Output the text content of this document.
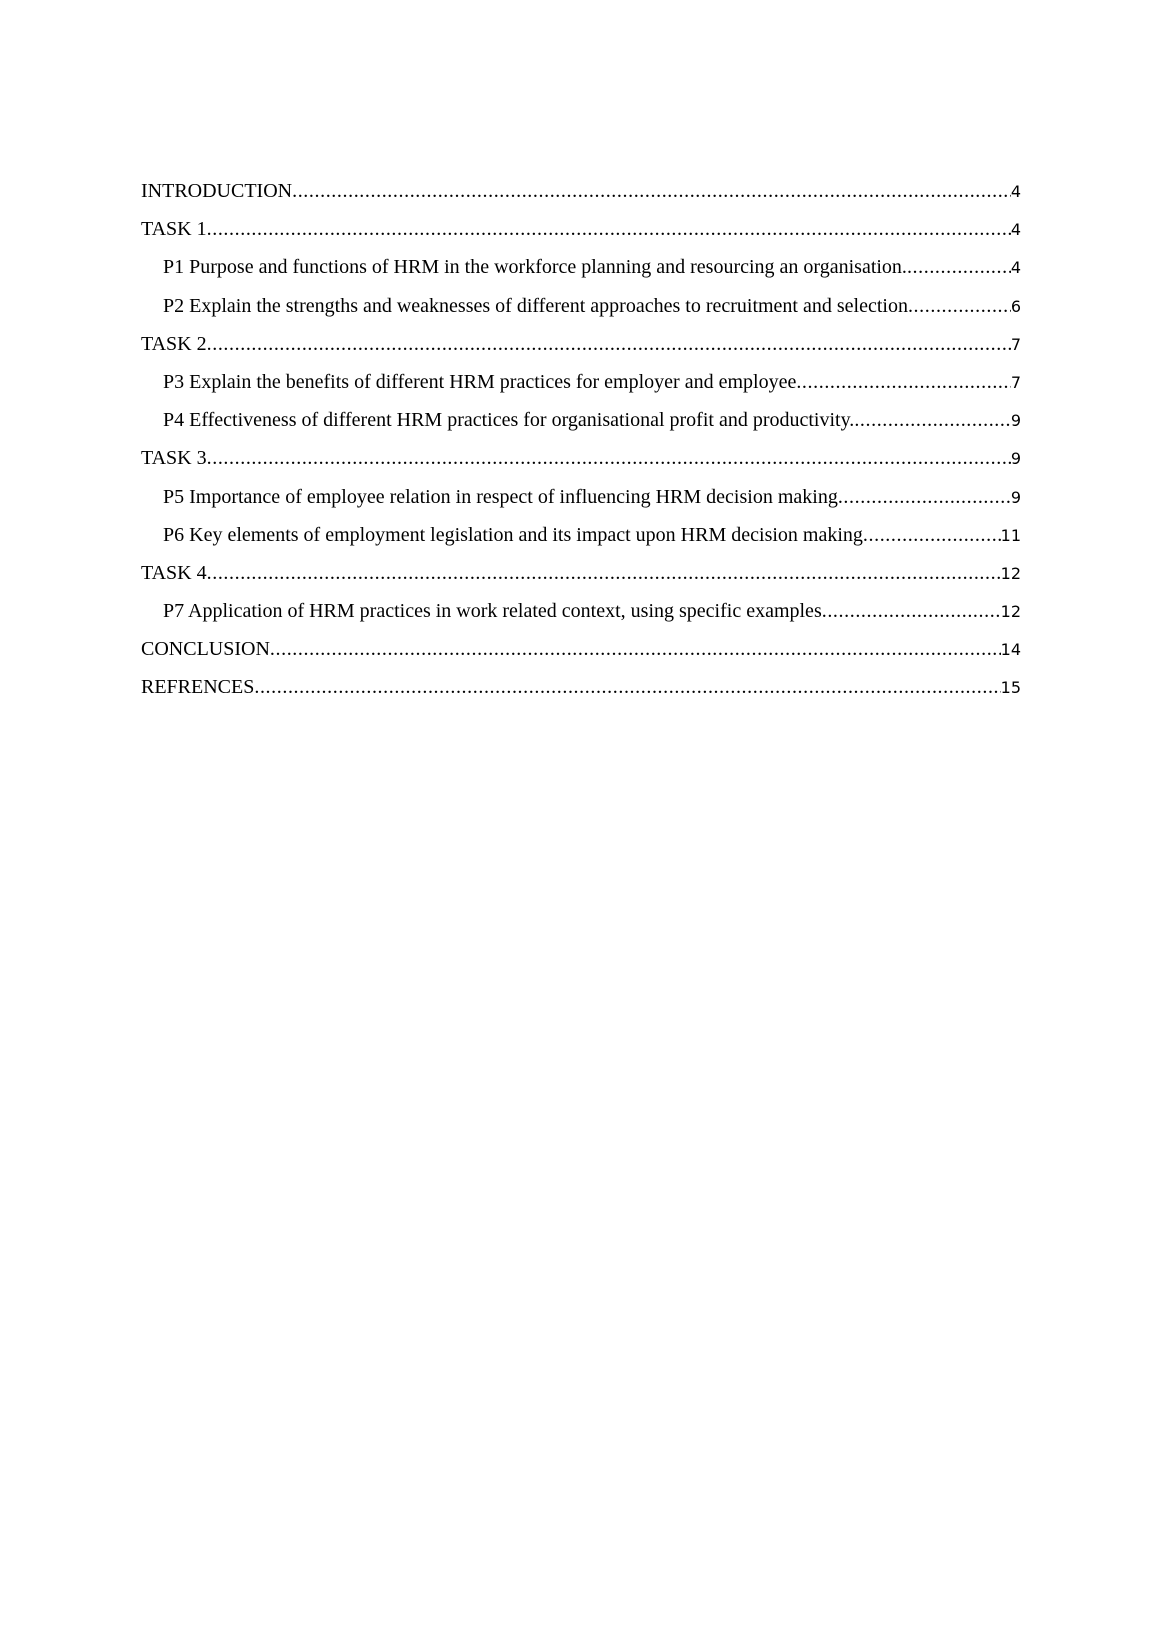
INTRODUCTION .....	4
TASK 1 .....	4
P1 Purpose and functions of HRM in the workforce planning and resourcing an organisation. .....	4
P2 Explain the strengths and weaknesses of different approaches to recruitment and selection .....	6
TASK 2 .....	7
P3 Explain the benefits of different HRM practices for employer and employee .....	7
P4 Effectiveness of different HRM practices for organisational profit and productivity. .....	9
TASK 3 .....	9
P5 Importance of employee relation in respect of influencing HRM decision making .....	9
P6 Key elements of employment legislation and its impact upon HRM decision making .....	11
TASK 4 .....	12
P7 Application of HRM practices in work related context, using specific examples .....	12
CONCLUSION .....	14
REFRENCES .....	15
